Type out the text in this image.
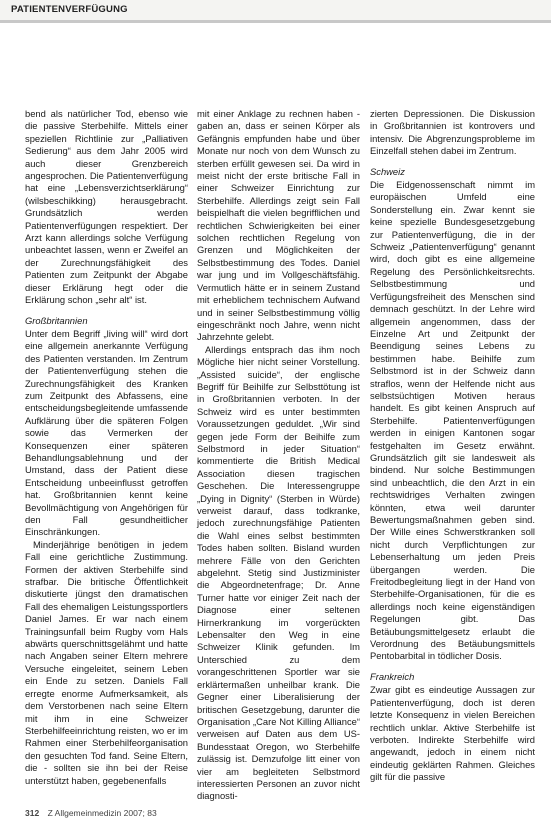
PATIENTENVERFÜGUNG

bend als natürlicher Tod, ebenso wie die passive Sterbehilfe. Mittels einer speziellen Richtlinie zur „Palliativen Sedierung“ aus dem Jahr 2005 wird auch dieser Grenzbereich angesprochen. Die Patientenverfügung hat eine „Lebensverzichtserklärung“ (wilsbeschikking) herausgebracht. Grundsätzlich werden Patientenverfügungen respektiert. Der Arzt kann allerdings solche Verfügung unbeachtet lassen, wenn er Zweifel an der Zurechnungsfähigkeit des Patienten zum Zeitpunkt der Abgabe dieser Erklärung hegt oder die Erklärung schon „sehr alt“ ist.

Großbritannien

Unter dem Begriff „living will“ wird dort eine allgemein anerkannte Verfügung des Patienten verstanden. Im Zentrum der Patientenverfügung stehen die Zurechnungsfähigkeit des Kranken zum Zeitpunkt des Abfassens, eine entscheidungsbegleitende umfassende Aufklärung über die späteren Folgen sowie das Vermerken der Konsequenzen einer späteren Behandlungsablehnung und der Umstand, dass der Patient diese Entscheidung unbeeinflusst getroffen hat. Großbritannien kennt keine Bevollmächtigung von Angehörigen für den Fall gesundheitlicher Einschränkungen.

Minderjährige benötigen in jedem Fall eine gerichtliche Zustimmung. Formen der aktiven Sterbehilfe sind strafbar. Die britische Öffentlichkeit diskutierte jüngst den dramatischen Fall des ehemaligen Leistungssportlers Daniel James. Er war nach einem Trainingsunfall beim Rugby vom Hals abwärts querschnittsgelähmt und hatte nach Angaben seiner Eltern mehrere Versuche eingeleitet, seinem Leben ein Ende zu setzen. Daniels Fall erregte enorme Aufmerksamkeit, als dem Verstorbenen nach seine Eltern mit ihm in eine Schweizer Sterbehilfeeinrichtung reisten, wo er im Rahmen einer Sterbehilfeorganisation den gesuchten Tod fand. Seine Eltern, die - sollten sie ihn bei der Reise unterstützt haben, gegebenenfalls

mit einer Anklage zu rechnen haben - gaben an, dass er seinen Körper als Gefängnis empfunden habe und über Monate nur noch von dem Wunsch zu sterben erfüllt gewesen sei. Da wird in meist nicht der erste britische Fall in einer Schweizer Einrichtung zur Sterbehilfe. Allerdings zeigt sein Fall beispielhaft die vielen begrifflichen und rechtlichen Schwierigkeiten bei einer solchen rechtlichen Regelung von Grenzen und Möglichkeiten der Selbstbestimmung des Todes. Daniel war jung und im Vollgeschäftsfähig. Vermutlich hätte er in seinem Zustand mit erheblichem technischem Aufwand und in seiner Selbstbestimmung völlig eingeschränkt noch Jahre, wenn nicht Jahrzehnte gelebt.

Allerdings entsprach das ihm noch Mögliche hier nicht seiner Vorstellung. „Assisted suicide“, der englische Begriff für Beihilfe zur Selbsttötung ist in Großbritannien verboten. In der Schweiz wird es unter bestimmten Voraussetzungen geduldet. „Wir sind gegen jede Form der Beihilfe zum Selbstmord in jeder Situation“ kommentierte die British Medical Association diesen tragischen Geschehen. Die Interessengruppe „Dying in Dignity“ (Sterben in Würde) verweist darauf, dass todkranke, jedoch zurechnungsfähige Patienten die Wahl eines selbst bestimmten Todes haben sollten. Bisland wurden mehrere Fälle von den Gerichten abgelehnt. Stetig sind Justizminister die Abgeordnetenfrage; Dr. Anne Turner hatte vor einiger Zeit nach der Diagnose einer seltenen Hirnerkrankung im vorgerückten Lebensalter den Weg in eine Schweizer Klinik gefunden. Im Unterschied zu dem vorangeschrittenen Sportler war sie erklärtermaßen unheilbar krank. Die Gegner einer Liberalisierung der britischen Gesetzgebung, darunter die Organisation „Care Not Killing Alliance“ verweisen auf Daten aus dem US-Bundesstaat Oregon, wo Sterbehilfe zulässig ist. Demzufolge litt einer von vier am begleiteten Selbstmord interessierten Personen an zuvor nicht diagnosti-

zierten Depressionen. Die Diskussion in Großbritannien ist kontrovers und intensiv. Die Abgrenzungsprobleme im Einzelfall stehen dabei im Zentrum.

Schweiz

Die Eidgenossenschaft nimmt im europäischen Umfeld eine Sonderstellung ein. Zwar kennt sie keine spezielle Bundesgesetzgebung zur Patientenverfügung, die in der Schweiz „Patientenverfügung“ genannt wird, doch gibt es eine allgemeine Regelung des Persönlichkeitsrechts. Selbstbestimmung und Verfügungsfreiheit des Menschen sind demnach geschützt. In der Lehre wird allgemein angenommen, dass der Einzelne Art und Zeitpunkt der Beendigung seines Lebens zu bestimmen habe. Beihilfe zum Selbstmord ist in der Schweiz dann straflos, wenn der Helfende nicht aus selbstsüchtigen Motiven heraus handelt. Es gibt keinen Anspruch auf Sterbehilfe. Patientenverfügungen werden in einigen Kantonen sogar festgehalten im Gesetz erwähnt. Grundsätzlich gilt sie landesweit als bindend. Nur solche Bestimmungen sind unbeachtlich, die den Arzt in ein rechtswidriges Verhalten zwingen könnten, etwa weil darunter Bewertungsmaßnahmen geben sind. Der Wille eines Schwerstkranken soll nicht durch Verpflichtungen zur Lebenserhaltung um jeden Preis übergangen werden. Die Freitodbegleitung liegt in der Hand von Sterbehilfe-Organisationen, für die es allerdings noch keine eigenständigen Regelungen gibt. Das Betäubungsmittelgesetz erlaubt die Verordnung des Betäubungsmittels Pentobarbital in tödlicher Dosis.

Frankreich

Zwar gibt es eindeutige Aussagen zur Patientenverfügung, doch ist deren letzte Konsequenz in vielen Bereichen rechtlich unklar. Aktive Sterbehilfe ist verboten. Indirekte Sterbehilfe wird angewandt, jedoch in einem nicht eindeutig geklärten Rahmen. Gleiches gilt für die passive

312 Z Allgemeinmedizin 2007; 83
